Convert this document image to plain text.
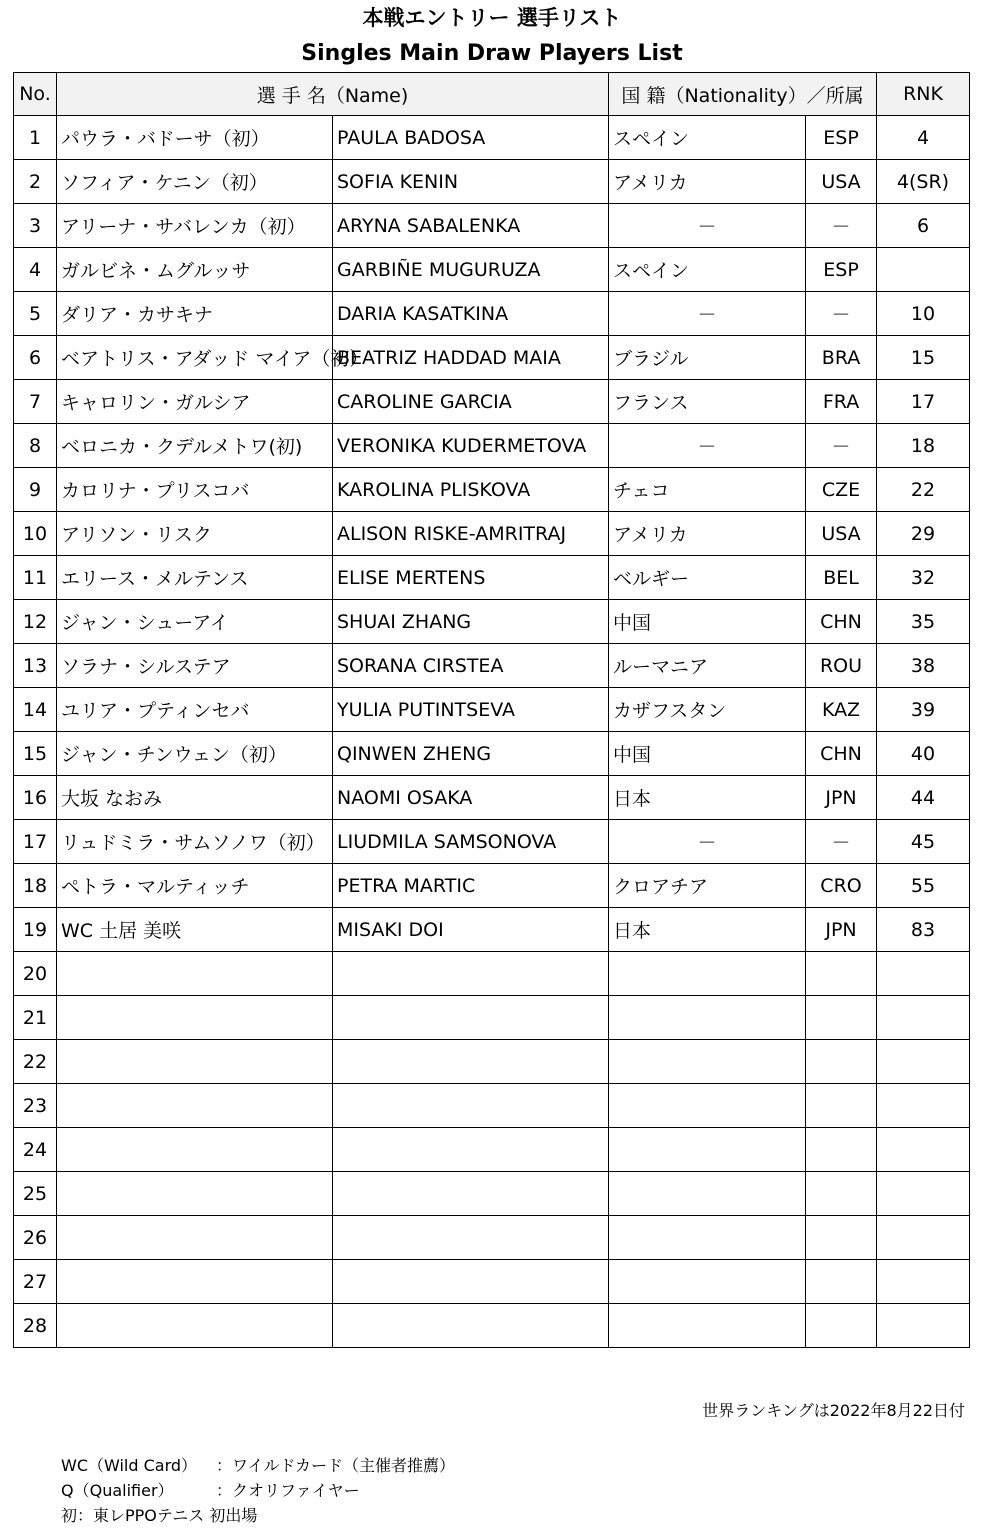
本戦エントリー 選手リスト
Singles Main Draw Players List
No.	選 手 名（Name)		国 籍（Nationality）／所属		RNK
1	パウラ・バドーサ（初）	PAULA BADOSA	スペイン	ESP	4
2	ソフィア・ケニン（初）	SOFIA KENIN	アメリカ	USA	4(SR)
3	アリーナ・サバレンカ（初）	ARYNA SABALENKA	－	－	6
4	ガルビネ・ムグルッサ	GARBIÑE MUGURUZA	スペイン	ESP	
5	ダリア・カサキナ	DARIA KASATKINA	－	－	10
6	ベアトリス・アダッド マイア（初）	BEATRIZ HADDAD MAIA	ブラジル	BRA	15
7	キャロリン・ガルシア	CAROLINE GARCIA	フランス	FRA	17
8	ベロニカ・クデルメトワ(初)	VERONIKA KUDERMETOVA	－	－	18
9	カロリナ・プリスコバ	KAROLINA PLISKOVA	チェコ	CZE	22
10	アリソン・リスク	ALISON RISKE-AMRITRAJ	アメリカ	USA	29
11	エリース・メルテンス	ELISE MERTENS	ベルギー	BEL	32
12	ジャン・シューアイ	SHUAI ZHANG	中国	CHN	35
13	ソラナ・シルステア	SORANA CIRSTEA	ルーマニア	ROU	38
14	ユリア・プティンセバ	YULIA PUTINTSEVA	カザフスタン	KAZ	39
15	ジャン・チンウェン（初）	QINWEN ZHENG	中国	CHN	40
16	大坂 なおみ	NAOMI OSAKA	日本	JPN	44
17	リュドミラ・サムソノワ（初）	LIUDMILA SAMSONOVA	－	－	45
18	ペトラ・マルティッチ	PETRA MARTIC	クロアチア	CRO	55
19	WC 土居 美咲	MISAKI DOI	日本	JPN	83
20					
21					
22					
23					
24					
25					
26					
27					
28					
世界ランキングは2022年8月22日付
WC（Wild Card）	：ワイルドカード（主催者推薦）
Q（Qualifier）	：クオリファイヤー
初：東レPPOテニス 初出場
